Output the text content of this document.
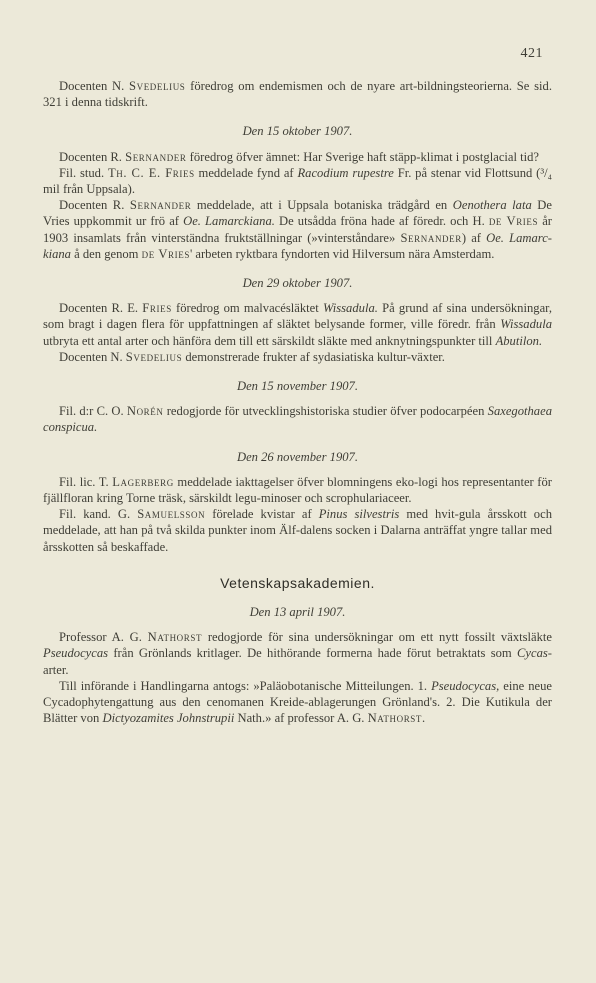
421

Docenten N. Svedelius föredrog om endemismen och de nyare art-bildningsteorierna. Se sid. 321 i denna tidskrift.

Den 15 oktober 1907.

Docenten R. Sernander föredrog öfver ämnet: Har Sverige haft stäpp-klimat i postglacial tid?

Fil. stud. Th. C. E. Fries meddelade fynd af Racodium rupestre Fr. på stenar vid Flottsund (³/₄ mil från Uppsala).

Docenten R. Sernander meddelade, att i Uppsala botaniska trädgård en Oenothera lata De Vries uppkommit ur frö af Oe. Lamarckiana. De utsådda fröna hade af föredr. och H. de Vries år 1903 insamlats från vinterständna fruktställningar (»vinterståndare» Sernander) af Oe. Lamarc-kiana å den genom de Vries' arbeten ryktbara fyndorten vid Hilversum nära Amsterdam.

Den 29 oktober 1907.

Docenten R. E. Fries föredrog om malvacésläktet Wissadula. På grund af sina undersökningar, som bragt i dagen flera för uppfattningen af släktet belysande former, ville föredr. från Wissadula utbryta ett antal arter och hänföra dem till ett särskildt släkte med anknytningspunkter till Abutilon.

Docenten N. Svedelius demonstrerade frukter af sydasiatiska kultur-växter.

Den 15 november 1907.

Fil. d:r C. O. Norén redogjorde för utvecklingshistoriska studier öfver podocarpéen Saxegothaea conspicua.

Den 26 november 1907.

Fil. lic. T. Lagerberg meddelade iakttagelser öfver blomningens eko-logi hos representanter för fjällfloran kring Torne träsk, särskildt legu-minoser och scrophulariaceer.

Fil. kand. G. Samuelsson förelade kvistar af Pinus silvestris med hvit-gula årsskott och meddelade, att han på två skilda punkter inom Älf-dalens socken i Dalarna anträffat yngre tallar med årsskotten så beskaffade.

Vetenskapsakademien.
Den 13 april 1907.

Professor A. G. Nathorst redogjorde för sina undersökningar om ett nytt fossilt växtsläkte Pseudocycas från Grönlands kritlager. De hithörande formerna hade förut betraktats som Cycas-arter.

Till införande i Handlingarna antogs: »Paläobotanische Mitteilungen. 1. Pseudocycas, eine neue Cycadophytengattung aus den cenomanen Kreide-ablagerungen Grönland's. 2. Die Kutikula der Blätter von Dictyozamites Johnstrupii Nath.» af professor A. G. Nathorst.
